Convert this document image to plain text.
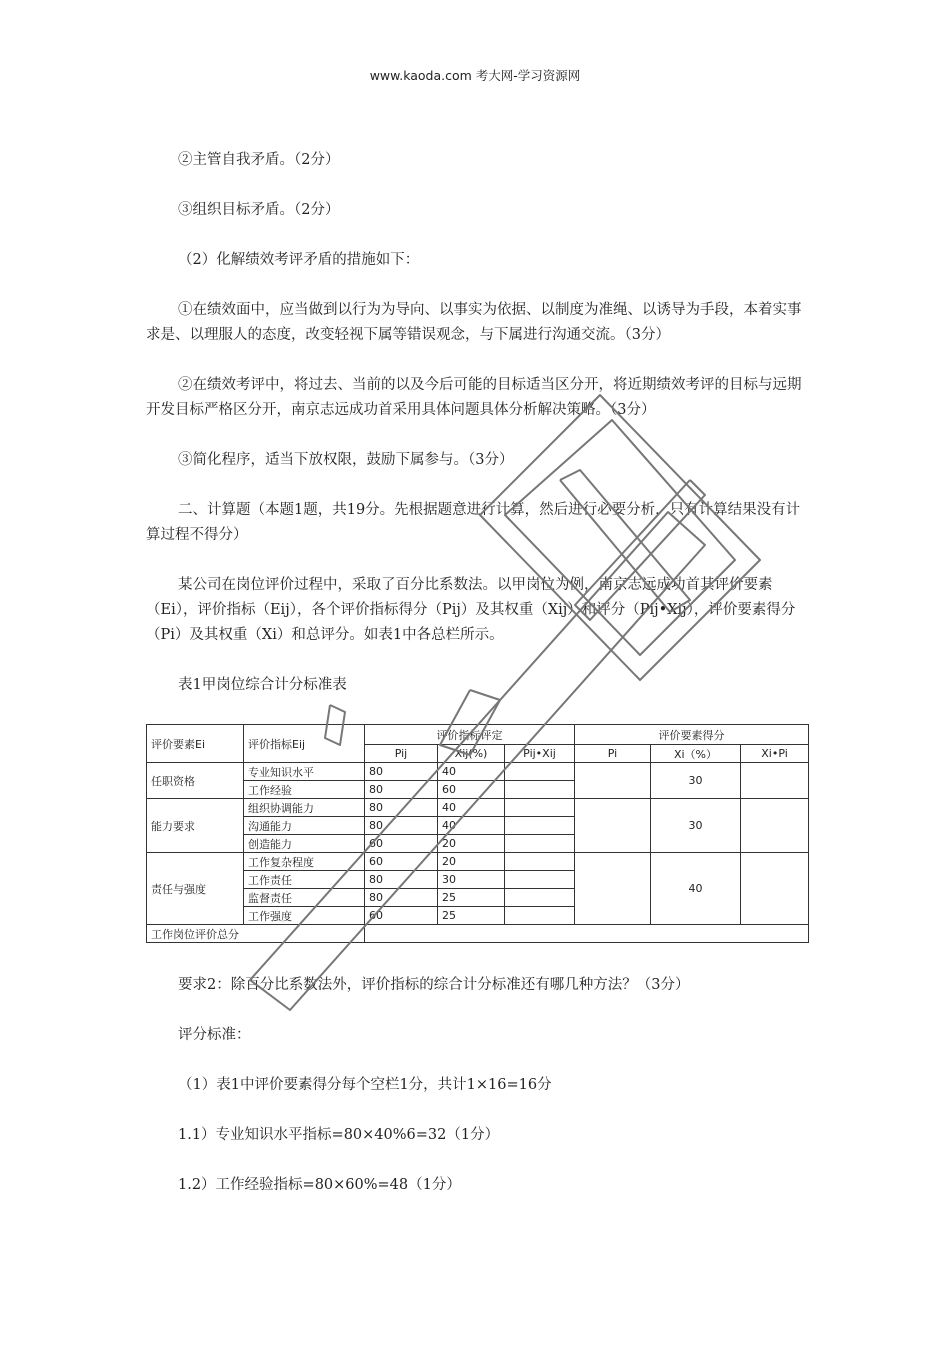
www.kaoda.com 考大网-学习资源网

②主管自我矛盾。（2分）

③组织目标矛盾。（2分）

（2）化解绩效考评矛盾的措施如下：

①在绩效面中，应当做到以行为为导向、以事实为依据、以制度为准绳、以诱导为手段，本着实事求是、以理服人的态度，改变轻视下属等错误观念，与下属进行沟通交流。（3分）

②在绩效考评中，将过去、当前的以及今后可能的目标适当区分开，将近期绩效考评的目标与远期开发目标严格区分开，南京志远成功首采用具体问题具体分析解决策略。（3分）

③简化程序，适当下放权限，鼓励下属参与。（3分）

二、计算题（本题1题，共19分。先根据题意进行计算，然后进行必要分析，只有计算结果没有计算过程不得分）

某公司在岗位评价过程中，采取了百分比系数法。以甲岗位为例，南京志远成功首其评价要素（Ei），评价指标（Eij），各个评价指标得分（Pij）及其权重（Xij）和评分（Pij•Xij），评价要素得分（Pi）及其权重（Xi）和总评分。如表1中各总栏所示。

表1甲岗位综合计分标准表

评价要素Ei	评价指标Eij	评价指标评定			评价要素得分		
		Pij	Xij(%)	Pij•Xij	Pi	Xi（%）	Xi•Pi
任职资格	专业知识水平	80	40			30	
	工作经验	80	60				
能力要求	组织协调能力	80	40			30	
	沟通能力	80	40				
	创造能力	60	20				
责任与强度	工作复杂程度	60	20			40	
	工作责任	80	30				
	监督责任	80	25				
	工作强度	60	25				
工作岗位评价总分							

要求2：除百分比系数法外，评价指标的综合计分标准还有哪几种方法？（3分）

评分标准：

（1）表1中评价要素得分每个空栏1分，共计1×16=16分

1.1）专业知识水平指标=80×40%6=32（1分）

1.2）工作经验指标=80×60%=48（1分）
